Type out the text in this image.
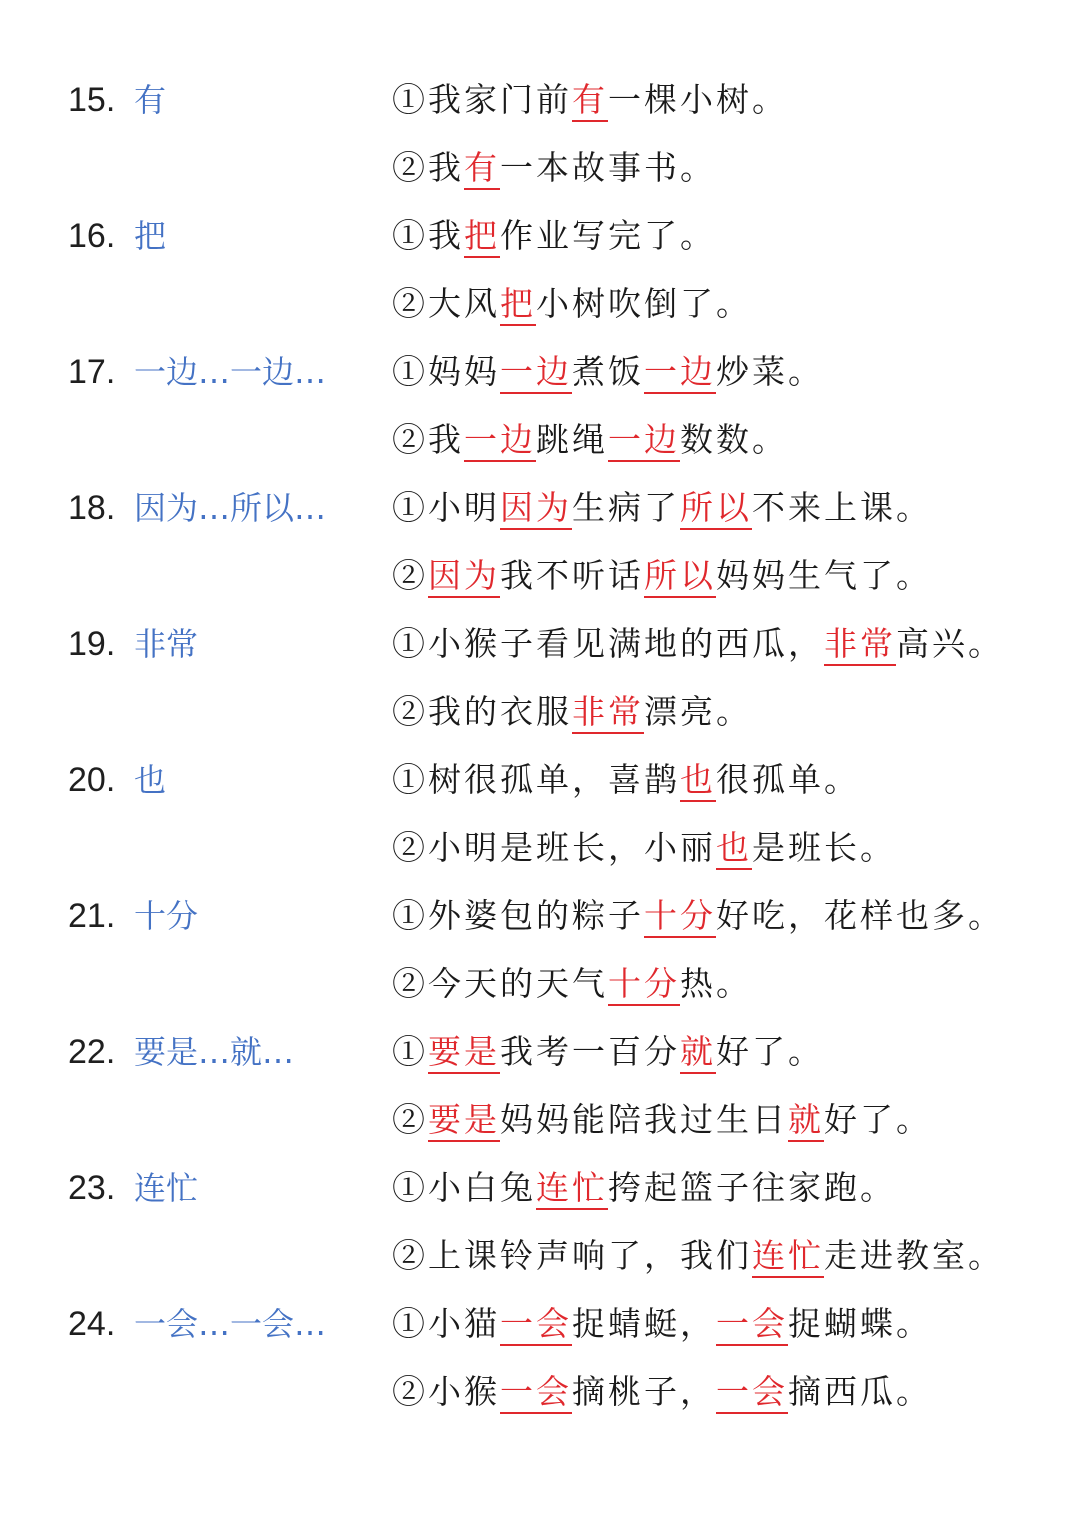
15. 有	①我家门前有一棵小树。
②我有一本故事书。
16. 把	①我把作业写完了。
②大风把小树吹倒了。
17. 一边…一边… ①妈妈一边煮饭一边炒菜。
②我一边跳绳一边数数。
18. 因为…所以… ①小明因为生病了所以不来上课。
②因为我不听话所以妈妈生气了。
19. 非常	①小猴子看见满地的西瓜，非常高兴。
②我的衣服非常漂亮。
20. 也	①树很孤单，喜鹊也很孤单。
②小明是班长，小丽也是班长。
21. 十分	①外婆包的粽子十分好吃，花样也多。
②今天的天气十分热。
22. 要是…就…	①要是我考一百分就好了。
②要是妈妈能陪我过生日就好了。
23. 连忙	①小白兔连忙挎起篮子往家跑。
②上课铃声响了，我们连忙走进教室。
24. 一会…一会… ①小猫一会捉蜻蜓，一会捉蝴蝶。
②小猴一会摘桃子，一会摘西瓜。
